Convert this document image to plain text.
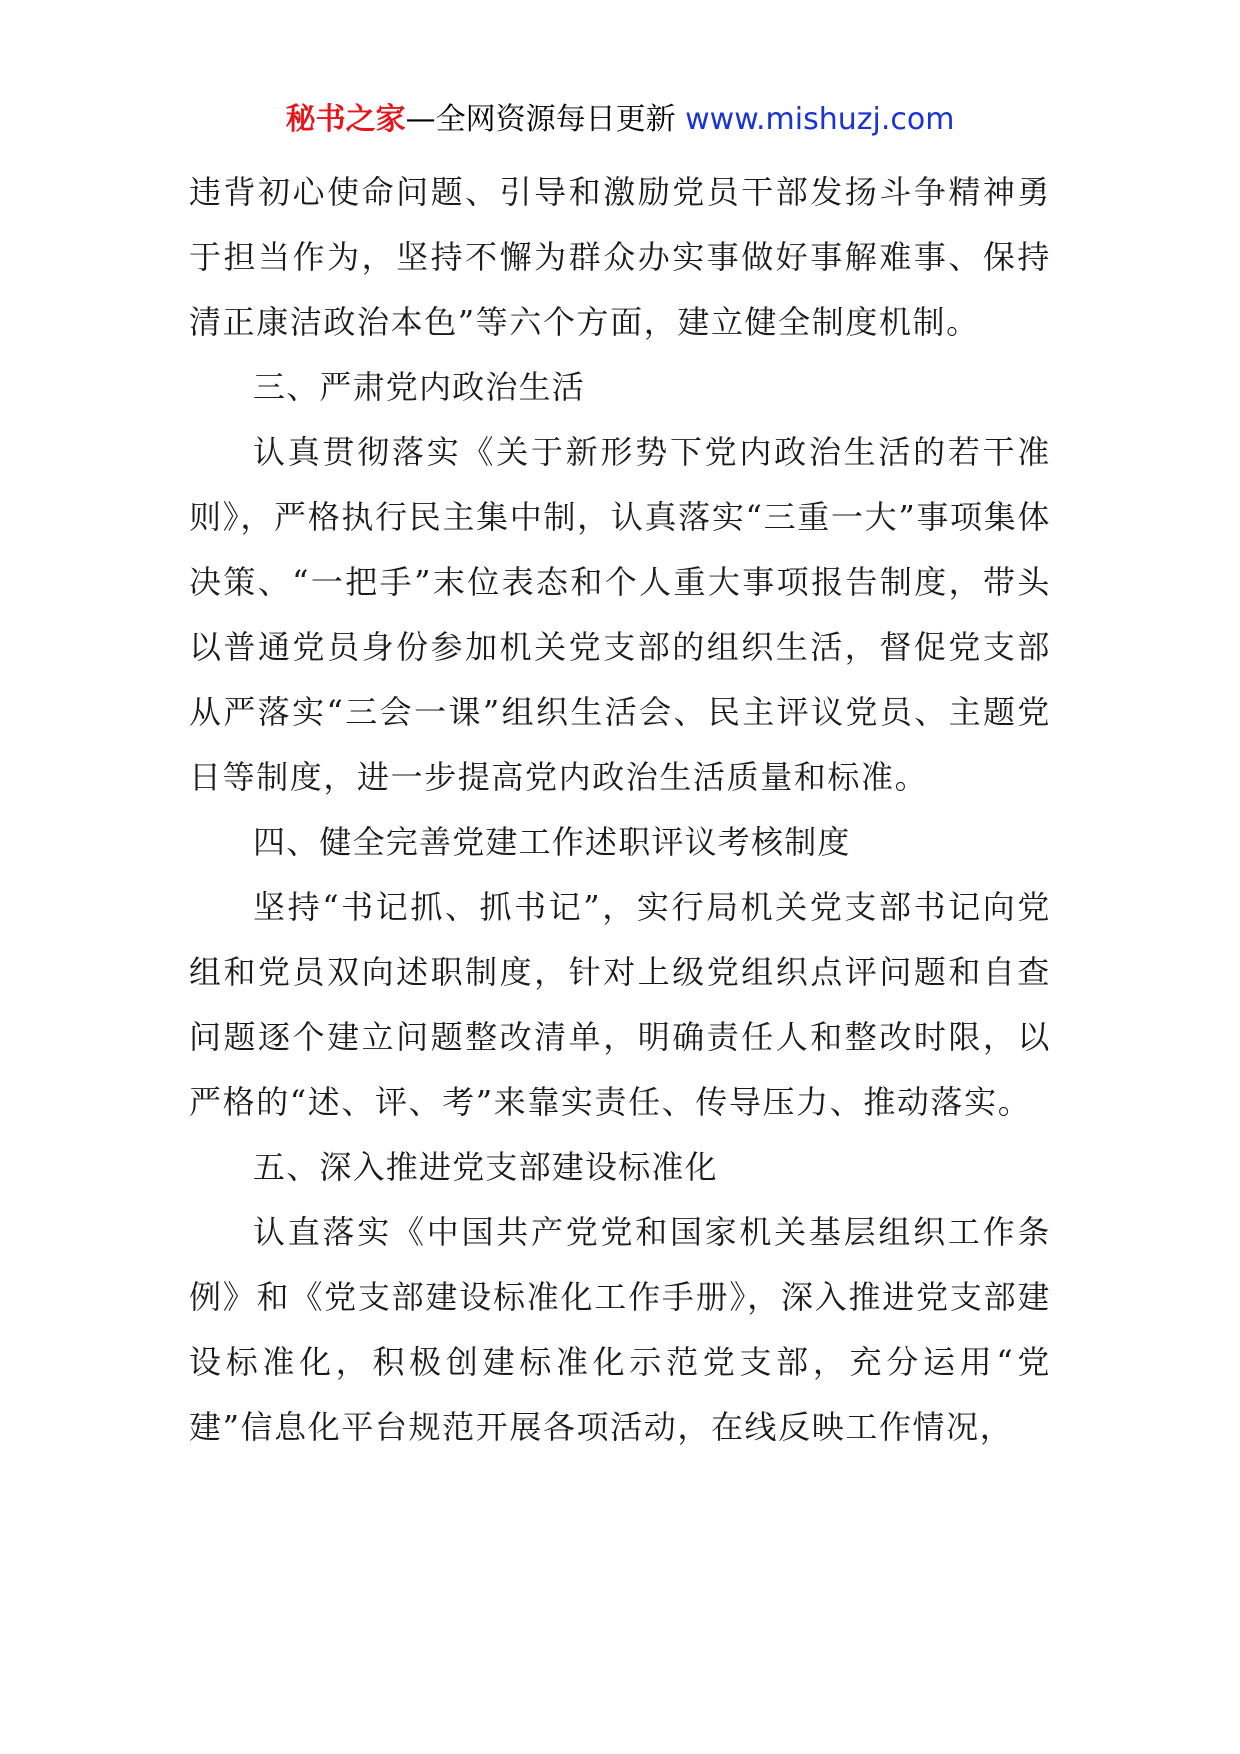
秘书之家—全网资源每日更新 www.mishuzj.com

违背初心使命问题、引导和激励党员干部发扬斗争精神勇于担当作为，坚持不懈为群众办实事做好事解难事、保持清正康洁政治本色”等六个方面，建立健全制度机制。

三、严肃党内政治生活

认真贯彻落实《关于新形势下党内政治生活的若干准则》，严格执行民主集中制，认真落实“三重一大”事项集体决策、“一把手”末位表态和个人重大事项报告制度，带头以普通党员身份参加机关党支部的组织生活，督促党支部从严落实“三会一课”组织生活会、民主评议党员、主题党日等制度，进一步提高党内政治生活质量和标准。

四、健全完善党建工作述职评议考核制度

坚持“书记抓、抓书记”，实行局机关党支部书记向党组和党员双向述职制度，针对上级党组织点评问题和自查问题逐个建立问题整改清单，明确责任人和整改时限，以严格的“述、评、考”来靠实责任、传导压力、推动落实。

五、深入推进党支部建设标准化

认直落实《中国共产党党和国家机关基层组织工作条例》和《党支部建设标准化工作手册》，深入推进党支部建设标准化，积极创建标准化示范党支部，充分运用“党建”信息化平台规范开展各项活动，在线反映工作情况，
